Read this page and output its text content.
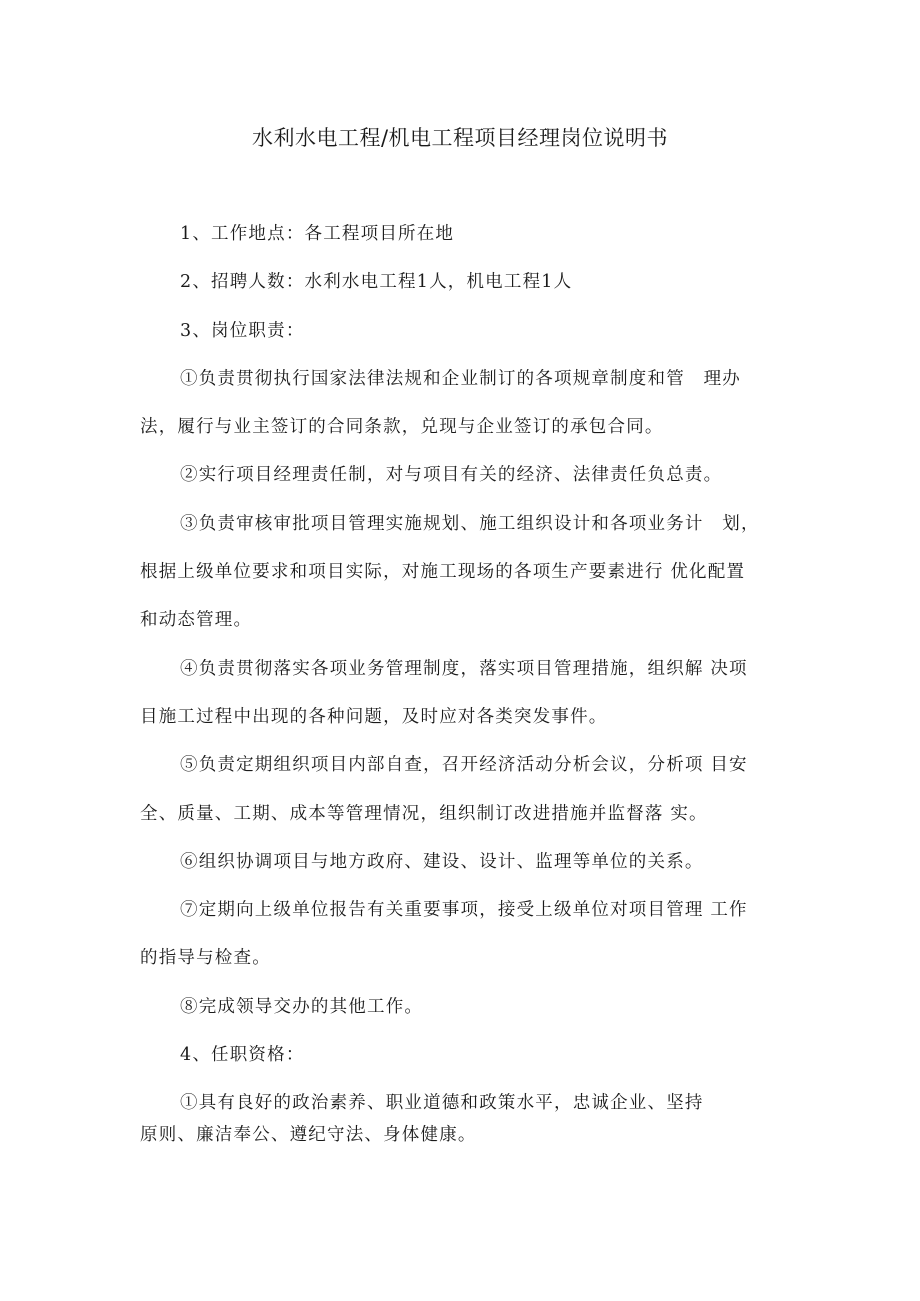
水利水电工程/机电工程项目经理岗位说明书

1、工作地点：各工程项目所在地

2、招聘人数：水利水电工程1人，机电工程1人

3、岗位职责：

①负责贯彻执行国家法律法规和企业制订的各项规章制度和管　理办

法，履行与业主签订的合同条款，兑现与企业签订的承包合同。

②实行项目经理责任制，对与项目有关的经济、法律责任负总责。

③负责审核审批项目管理实施规划、施工组织设计和各项业务计　划，

根据上级单位要求和项目实际，对施工现场的各项生产要素进行 优化配置

和动态管理。

④负责贯彻落实各项业务管理制度，落实项目管理措施，组织解 决项

目施工过程中出现的各种问题，及时应对各类突发事件。

⑤负责定期组织项目内部自查，召开经济活动分析会议，分析项 目安

全、质量、工期、成本等管理情况，组织制订改进措施并监督落 实。

⑥组织协调项目与地方政府、建设、设计、监理等单位的关系。

⑦定期向上级单位报告有关重要事项，接受上级单位对项目管理 工作

的指导与检查。

⑧完成领导交办的其他工作。

4、任职资格：

①具有良好的政治素养、职业道德和政策水平，忠诚企业、坚持

原则、廉洁奉公、遵纪守法、身体健康。
